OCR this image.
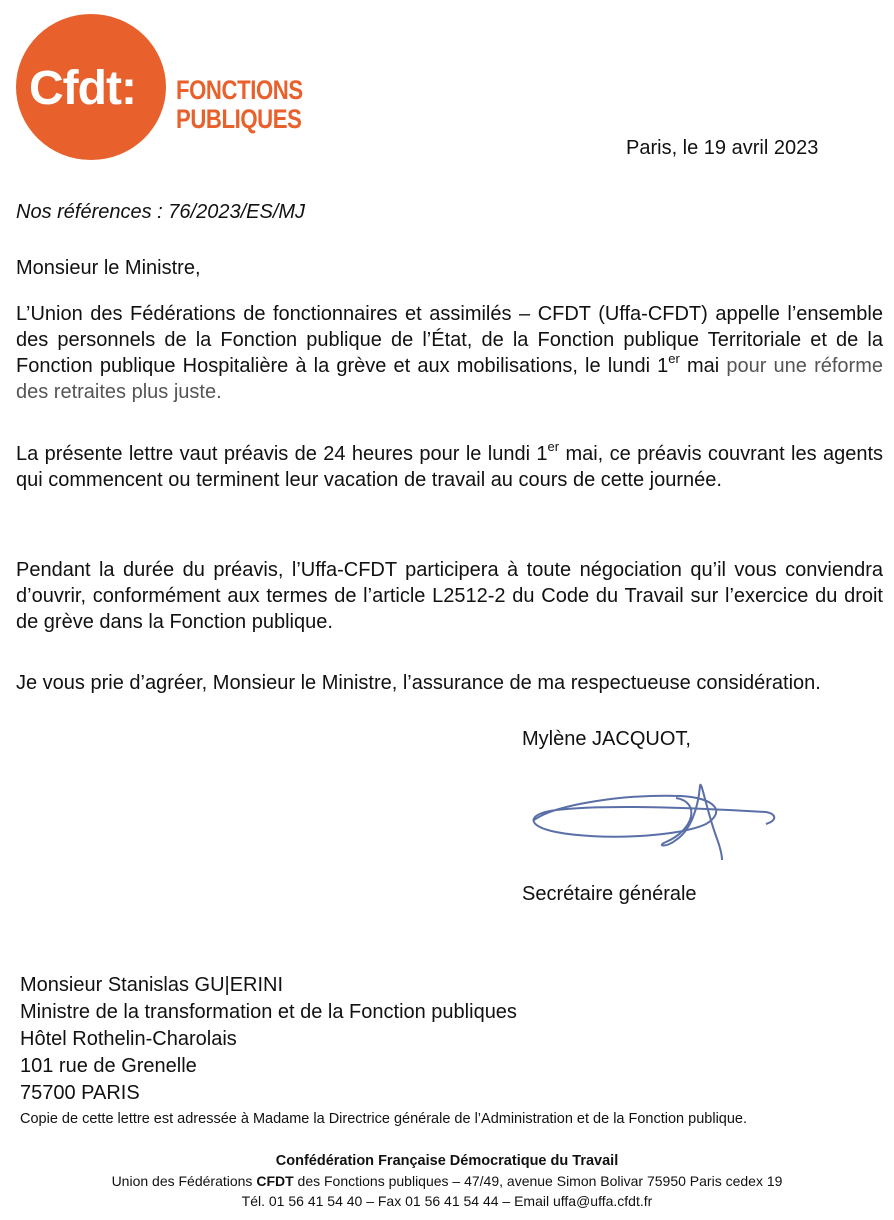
Cfdt:	FONCTIONS
PUBLIQUES
Paris, le 19 avril 2023
Nos références : 76/2023/ES/MJ
Monsieur le Ministre,
L’Union des Fédérations de fonctionnaires et assimilés – CFDT (Uffa-CFDT) appelle l’ensemble des personnels de la Fonction publique de l’État, de la Fonction publique Territoriale et de la Fonction publique Hospitalière à la grève et aux mobilisations, le lundi 1er mai pour une réforme des retraites plus juste.
La présente lettre vaut préavis de 24 heures pour le lundi 1er mai, ce préavis couvrant les agents qui commencent ou terminent leur vacation de travail au cours de cette journée.
Pendant la durée du préavis, l’Uffa-CFDT participera à toute négociation qu’il vous conviendra d’ouvrir, conformément aux termes de l’article L2512-2 du Code du Travail sur l’exercice du droit de grève dans la Fonction publique.
Je vous prie d’agréer, Monsieur le Ministre, l’assurance de ma respectueuse considération.
Mylène JACQUOT,
Secrétaire générale
Monsieur Stanislas GU|ERINI
Ministre de la transformation et de la Fonction publiques
Hôtel Rothelin-Charolais
101 rue de Grenelle
75700 PARIS
Copie de cette lettre est adressée à Madame la Directrice générale de l’Administration et de la Fonction publique.
Confédération Française Démocratique du Travail
Union des Fédérations CFDT des Fonctions publiques – 47/49, avenue Simon Bolivar 75950 Paris cedex 19
Tél. 01 56 41 54 40 – Fax 01 56 41 54 44 – Email uffa@uffa.cfdt.fr
